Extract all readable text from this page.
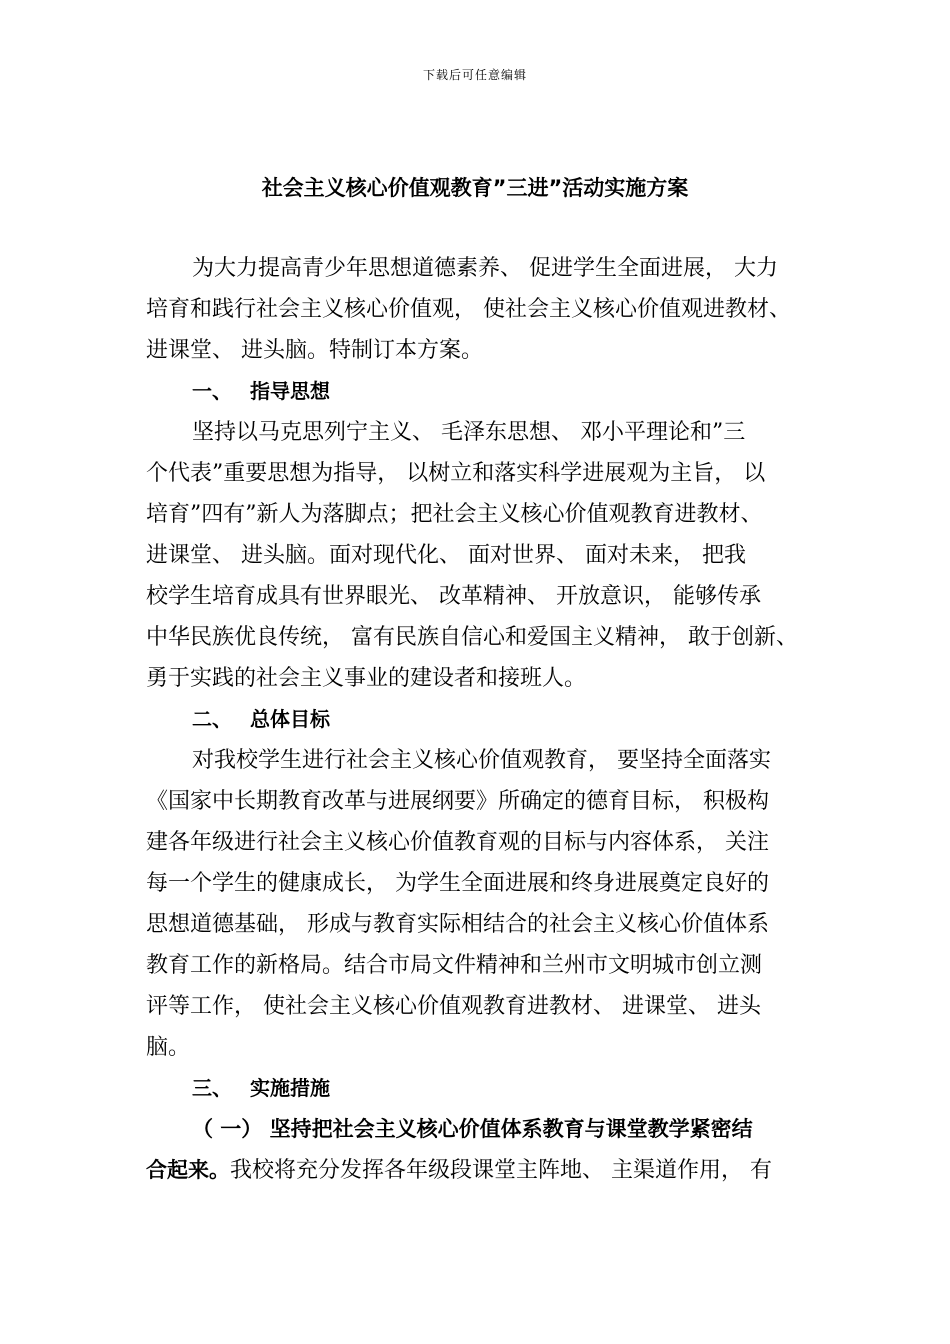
下载后可任意编辑
社会主义核心价值观教育”三进”活动实施方案
为大力提高青少年思想道德素养、 促进学生全面进展， 大力
培育和践行社会主义核心价值观， 使社会主义核心价值观进教材、
进课堂、 进头脑。特制订本方案。
一、 指导思想
坚持以马克思列宁主义、 毛泽东思想、 邓小平理论和”三
个代表”重要思想为指导， 以树立和落实科学进展观为主旨， 以
培育”四有”新人为落脚点；把社会主义核心价值观教育进教材、
进课堂、 进头脑。面对现代化、 面对世界、 面对未来， 把我
校学生培育成具有世界眼光、 改革精神、 开放意识， 能够传承
中华民族优良传统， 富有民族自信心和爱国主义精神， 敢于创新、
勇于实践的社会主义事业的建设者和接班人。
二、 总体目标
对我校学生进行社会主义核心价值观教育， 要坚持全面落实
《国家中长期教育改革与进展纲要》所确定的德育目标， 积极构
建各年级进行社会主义核心价值教育观的目标与内容体系， 关注
每一个学生的健康成长， 为学生全面进展和终身进展奠定良好的
思想道德基础， 形成与教育实际相结合的社会主义核心价值体系
教育工作的新格局。结合市局文件精神和兰州市文明城市创立测
评等工作， 使社会主义核心价值观教育进教材、 进课堂、 进头
脑。
三、 实施措施
（ 一） 坚持把社会主义核心价值体系教育与课堂教学紧密结
合起来。我校将充分发挥各年级段课堂主阵地、 主渠道作用， 有
